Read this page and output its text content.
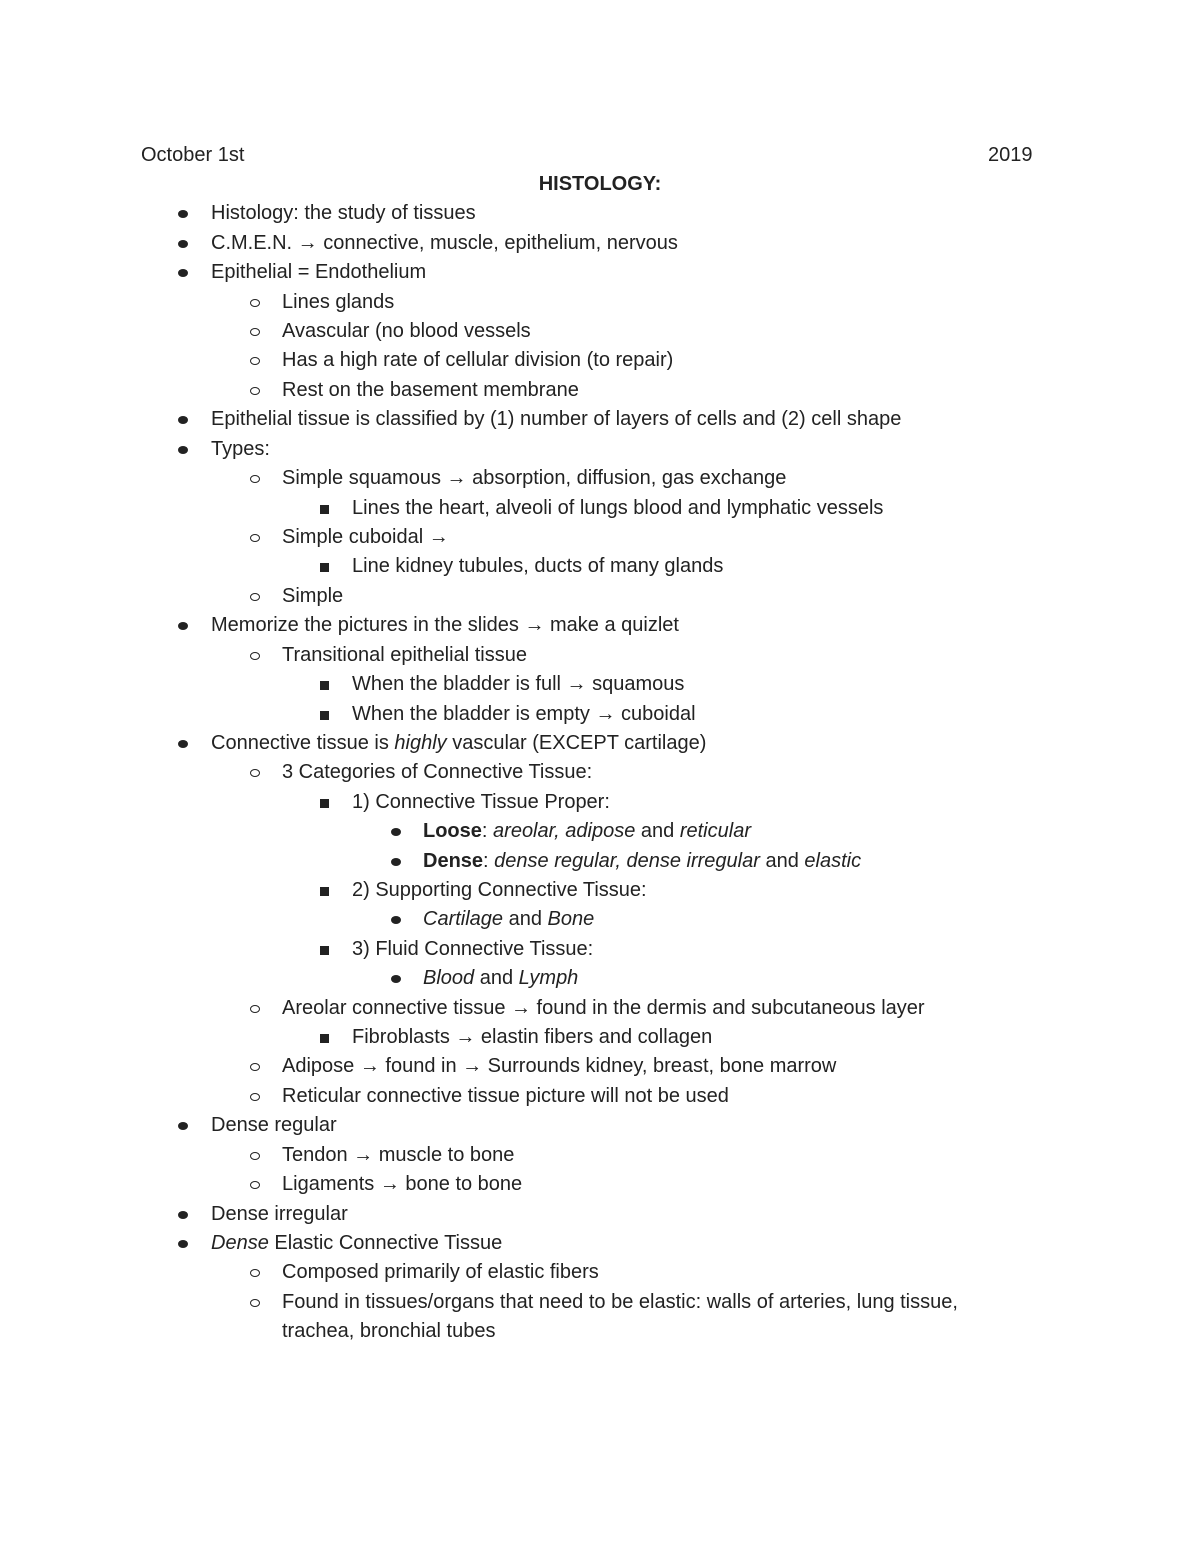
October 1st	2019
HISTOLOGY:
Histology: the study of tissues
C.M.E.N. → connective, muscle, epithelium, nervous
Epithelial = Endothelium
Lines glands
Avascular (no blood vessels
Has a high rate of cellular division (to repair)
Rest on the basement membrane
Epithelial tissue is classified by (1) number of layers of cells and (2) cell shape
Types:
Simple squamous → absorption, diffusion, gas exchange
Lines the heart, alveoli of lungs blood and lymphatic vessels
Simple cuboidal →
Line kidney tubules, ducts of many glands
Simple
Memorize the pictures in the slides → make a quizlet
Transitional epithelial tissue
When the bladder is full → squamous
When the bladder is empty → cuboidal
Connective tissue is highly vascular (EXCEPT cartilage)
3 Categories of Connective Tissue:
1) Connective Tissue Proper:
Loose: areolar, adipose and reticular
Dense: dense regular, dense irregular and elastic
2) Supporting Connective Tissue:
Cartilage and Bone
3) Fluid Connective Tissue:
Blood and Lymph
Areolar connective tissue → found in the dermis and subcutaneous layer
Fibroblasts → elastin fibers and collagen
Adipose → found in → Surrounds kidney, breast, bone marrow
Reticular connective tissue picture will not be used
Dense regular
Tendon → muscle to bone
Ligaments → bone to bone
Dense irregular
Dense Elastic Connective Tissue
Composed primarily of elastic fibers
Found in tissues/organs that need to be elastic: walls of arteries, lung tissue,
trachea, bronchial tubes
